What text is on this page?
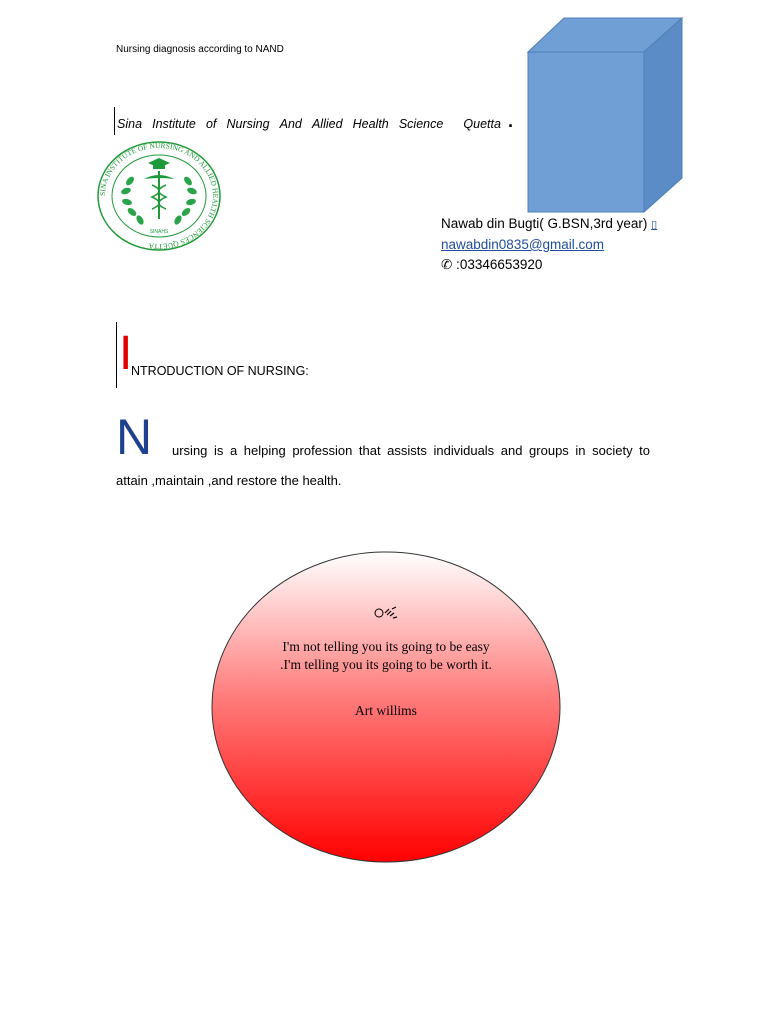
Nursing diagnosis according to NAND
Sina Institute of Nursing And Allied Health Science Quetta .
SINA INSTITUTE OF NURSING AND ALLIED HEALTH SCIENCES QUETTA
SINAHS
Nawab din Bugti( G.BSN,3rd year) ▯
nawabdin0835@gmail.com
✆ :03346653920
I
NTRODUCTION OF NURSING:
N ursing is a helping profession that assists individuals and groups in society to
attain ,maintain ,and restore the health.
I'm not telling you its going to be easy .I'm telling you its going to be worth it.
Art willims
